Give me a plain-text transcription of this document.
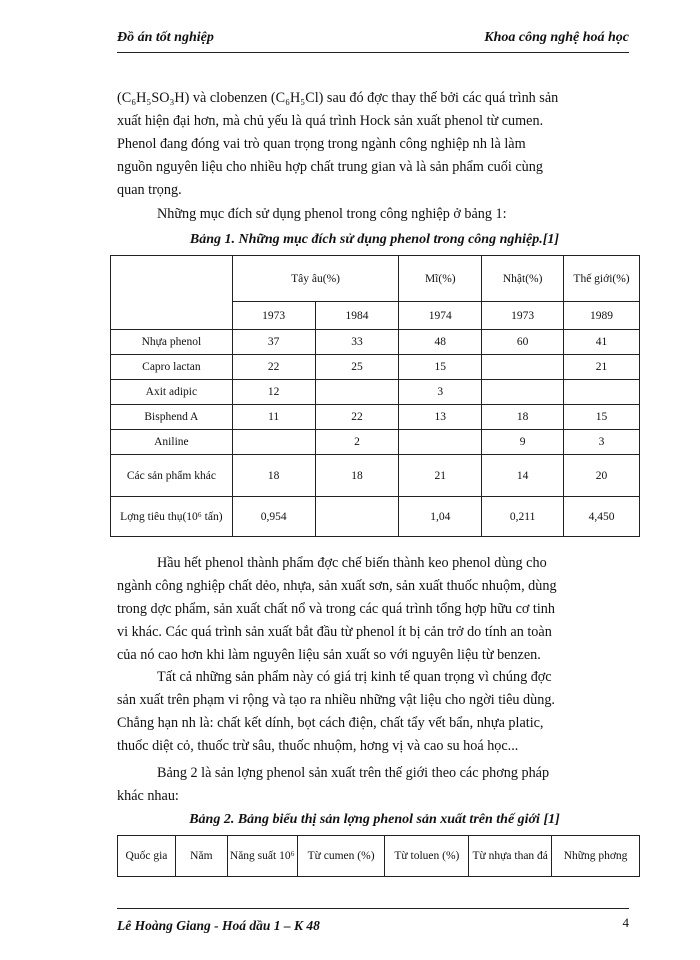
Đồ án tốt nghiệp	Khoa công nghệ hoá học
(C₆H₅SO₃H) và clobenzen (C₆H₅Cl) sau đó đợc thay thế bởi các quá trình sản
xuất hiện đại hơn, mà chủ yếu là quá trình Hock sản xuất phenol từ cumen.
Phenol đang đóng vai trò quan trọng trong ngành công nghiệp nh là làm
nguồn nguyên liệu cho nhiều hợp chất trung gian và là sản phẩm cuối cùng
quan trọng.
Những mục đích sử dụng phenol trong công nghiệp ở bảng 1:
Bảng 1. Những mục đích sử dụng phenol trong công nghiệp.[1]
	Tây âu(%)		Mĩ(%)	Nhật(%)	Thế giới(%)
	1973	1984	1974	1973	1989
Nhựa phenol	37	33	48	60	41
Capro lactan	22	25	15		21
Axit adipic	12		3		
Bisphend A	11	22	13	18	15
Aniline		2		9	3
Các sản phẩm khác	18	18	21	14	20
Lợng tiêu thụ(10⁶ tấn)	0,954		1,04	0,211	4,450
Hầu hết phenol thành phẩm đợc chế biến thành keo phenol dùng cho
ngành công nghiệp chất dẻo, nhựa, sản xuất sơn, sản xuất thuốc nhuộm, dùng
trong dợc phẩm, sản xuất chất nổ và trong các quá trình tổng hợp hữu cơ tinh
vi khác. Các quá trình sản xuất bắt đầu từ phenol ít bị cản trở do tính an toàn
của nó cao hơn khi làm nguyên liệu sản xuất so với nguyên liệu từ benzen.
Tất cả những sản phẩm này có giá trị kinh tế quan trọng vì chúng đợc
sản xuất trên phạm vi rộng và tạo ra nhiều những vật liệu cho ngời tiêu dùng.
Chẳng hạn nh là: chất kết dính, bọt cách điện, chất tẩy vết bẩn, nhựa platic,
thuốc diệt cỏ, thuốc trừ sâu, thuốc nhuộm, hơng vị và cao su hoá học...
Bảng 2 là sản lợng phenol sản xuất trên thế giới theo các phơng pháp
khác nhau:
Bảng 2. Bảng biểu thị sản lợng phenol sản xuất trên thế giới [1]
Quốc gia	Năm	Năng suất 10⁶	Từ cumen (%)	Từ toluen (%)	Từ nhựa than đá	Những phơng
Lê Hoàng Giang - Hoá dầu 1 – K 48	4
